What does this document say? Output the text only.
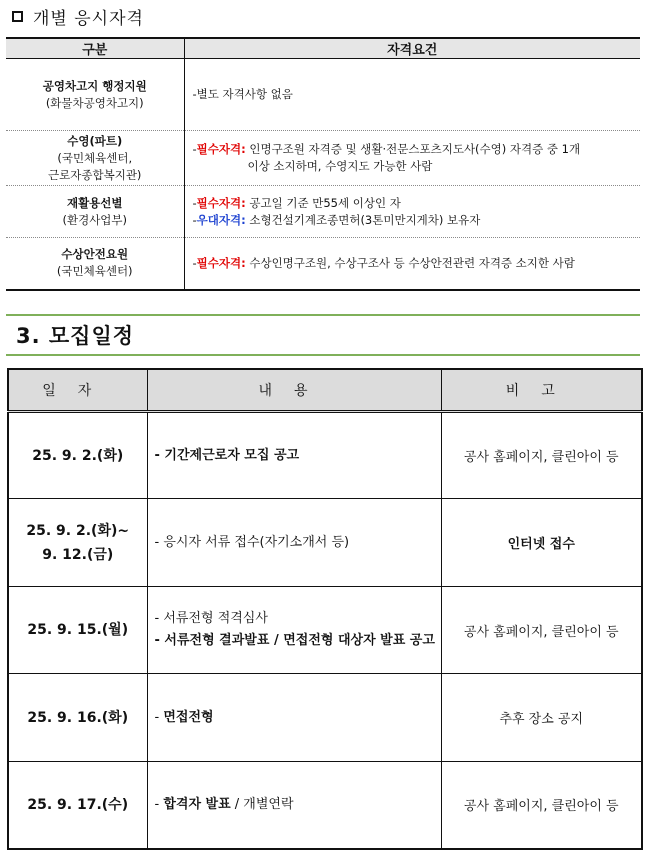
개별 응시자격
구분	자격요건

공영차고지 행정지원
(화물차공영차고지)	-별도 자격사항 없음

수영(파트)
(국민체육센터,
근로자종합복지관)	-필수자격: 인명구조원 자격증 및 생활·전문스포츠지도사(수영) 자격증 중 1개
이상 소지하며, 수영지도 가능한 사람

재활용선별
(환경사업부)	-필수자격: 공고일 기준 만55세 이상인 자
-우대자격: 소형건설기계조종면허(3톤미만지게차) 보유자

수상안전요원
(국민체육센터)	-필수자격: 수상인명구조원, 수상구조사 등 수상안전관련 자격증 소지한 사람
3. 모집일정
일자	내용	비고

25. 9. 2.(화)	- 기간제근로자 모집 공고	공사 홈페이지, 클린아이 등

25. 9. 2.(화)~
9. 12.(금)	- 응시자 서류 접수(자기소개서 등)	인터넷 접수

25. 9. 15.(월)	- 서류전형 적격심사
- 서류전형 결과발표 / 면접전형 대상자 발표 공고	공사 홈페이지, 클린아이 등

25. 9. 16.(화)	- 면접전형	추후 장소 공지

25. 9. 17.(수)	- 합격자 발표 / 개별연락	공사 홈페이지, 클린아이 등
